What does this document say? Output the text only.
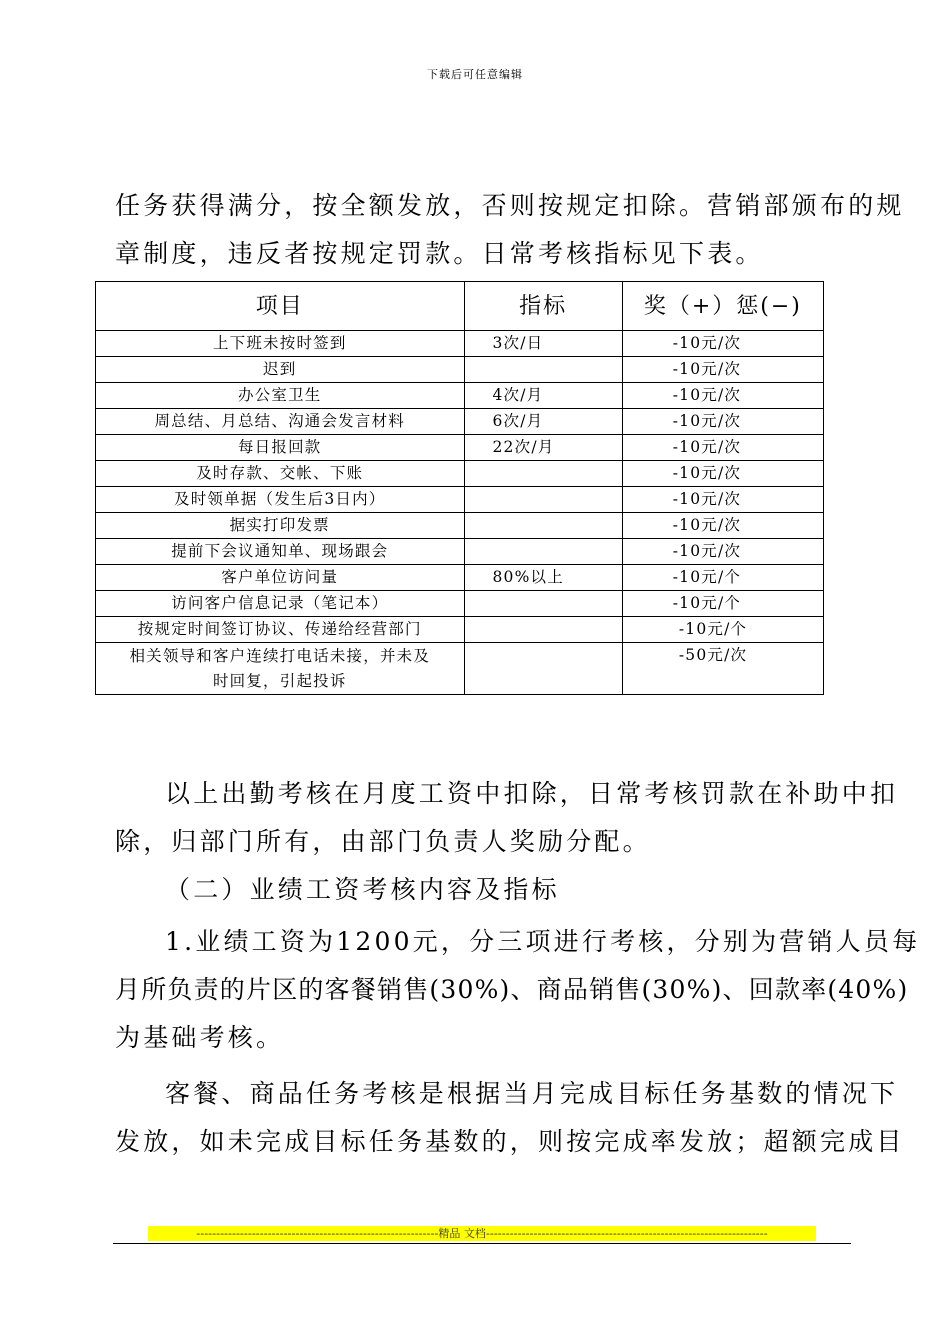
下载后可任意编辑
任务获得满分，按全额发放，否则按规定扣除。营销部颁布的规
章制度，违反者按规定罚款。日常考核指标见下表。
项目	指标	奖（+）惩(−)
上下班未按时签到	3次/日	-10元/次
迟到		-10元/次
办公室卫生	4次/月	-10元/次
周总结、月总结、沟通会发言材料	6次/月	-10元/次
每日报回款	22次/月	-10元/次
及时存款、交帐、下账		-10元/次
及时领单据（发生后3日内）		-10元/次
据实打印发票		-10元/次
提前下会议通知单、现场跟会		-10元/次
客户单位访问量	80%以上	-10元/个
访问客户信息记录（笔记本）		-10元/个
按规定时间签订协议、传递给经营部门		-10元/个
相关领导和客户连续打电话未接，并未及
时回复，引起投诉		-50元/次
以上出勤考核在月度工资中扣除，日常考核罚款在补助中扣
除，归部门所有，由部门负责人奖励分配。
（二）业绩工资考核内容及指标
1.业绩工资为1200元，分三项进行考核，分别为营销人员每
月所负责的片区的客餐销售(30%)、商品销售(30%)、回款率(40%)
为基础考核。
客餐、商品任务考核是根据当月完成目标任务基数的情况下
发放，如未完成目标任务基数的，则按完成率发放；超额完成目
-------------------------------------------------------------精品 文档-----------------------------------------------------------------------
